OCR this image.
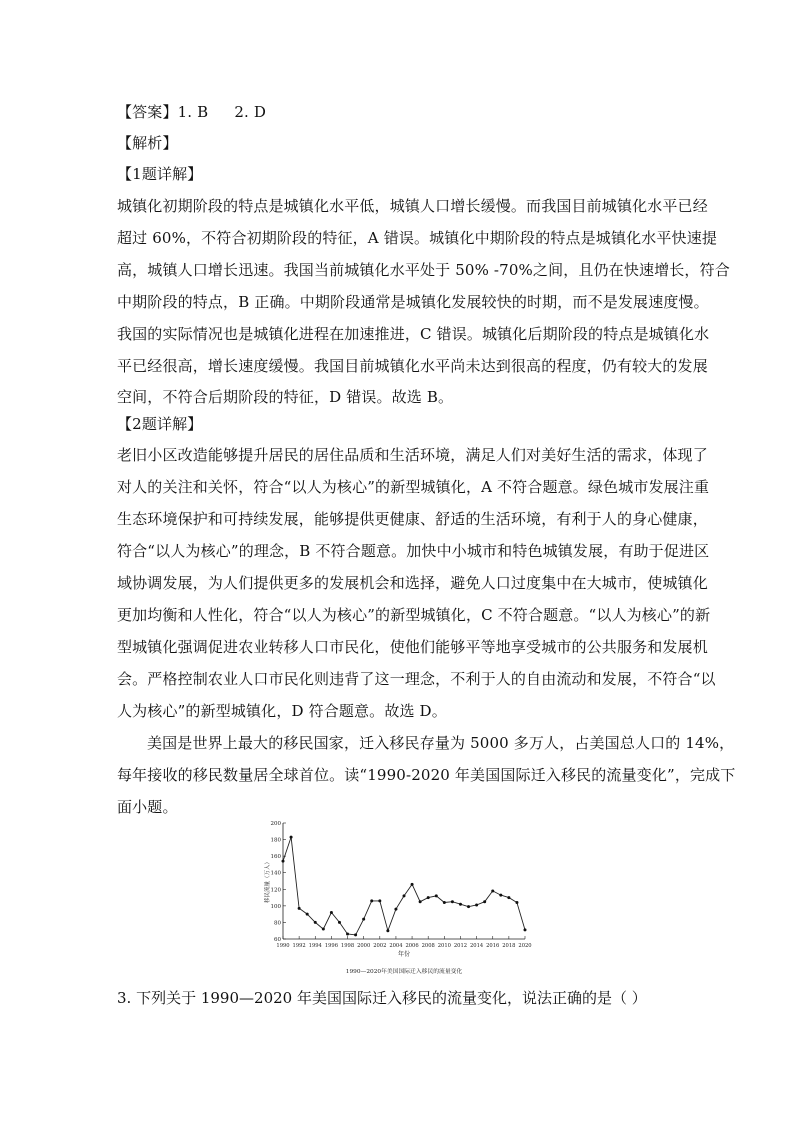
【答案】1. B 2. D
【解析】
【1题详解】
城镇化初期阶段的特点是城镇化水平低，城镇人口增长缓慢。而我国目前城镇化水平已经
超过 60%，不符合初期阶段的特征，A 错误。城镇化中期阶段的特点是城镇化水平快速提
高，城镇人口增长迅速。我国当前城镇化水平处于 50% -70%之间，且仍在快速增长，符合
中期阶段的特点，B 正确。中期阶段通常是城镇化发展较快的时期，而不是发展速度慢。
我国的实际情况也是城镇化进程在加速推进，C 错误。城镇化后期阶段的特点是城镇化水
平已经很高，增长速度缓慢。我国目前城镇化水平尚未达到很高的程度，仍有较大的发展
空间，不符合后期阶段的特征，D 错误。故选 B。
【2题详解】
老旧小区改造能够提升居民的居住品质和生活环境，满足人们对美好生活的需求，体现了
对人的关注和关怀，符合“以人为核心”的新型城镇化，A 不符合题意。绿色城市发展注重
生态环境保护和可持续发展，能够提供更健康、舒适的生活环境，有利于人的身心健康，
符合“以人为核心”的理念，B 不符合题意。加快中小城市和特色城镇发展，有助于促进区
域协调发展，为人们提供更多的发展机会和选择，避免人口过度集中在大城市，使城镇化
更加均衡和人性化，符合“以人为核心”的新型城镇化，C 不符合题意。“以人为核心”的新
型城镇化强调促进农业转移人口市民化，使他们能够平等地享受城市的公共服务和发展机
会。严格控制农业人口市民化则违背了这一理念，不利于人的自由流动和发展，不符合“以
人为核心”的新型城镇化，D 符合题意。故选 D。
美国是世界上最大的移民国家，迁入移民存量为 5000 多万人，占美国总人口的 14%，
每年接收的移民数量居全球首位。读“1990-2020 年美国国际迁入移民的流量变化”，完成下
面小题。
60
80
100
120
140
160
180
200
1990 1992 1994 1996 1998 2000 2002 2004 2006 2008 2010 2012 2014 2016 2018 2020
年份
移民流量（万人）
1990—2020年美国国际迁入移民的流量变化
3. 下列关于 1990—2020 年美国国际迁入移民的流量变化，说法正确的是（ ）
